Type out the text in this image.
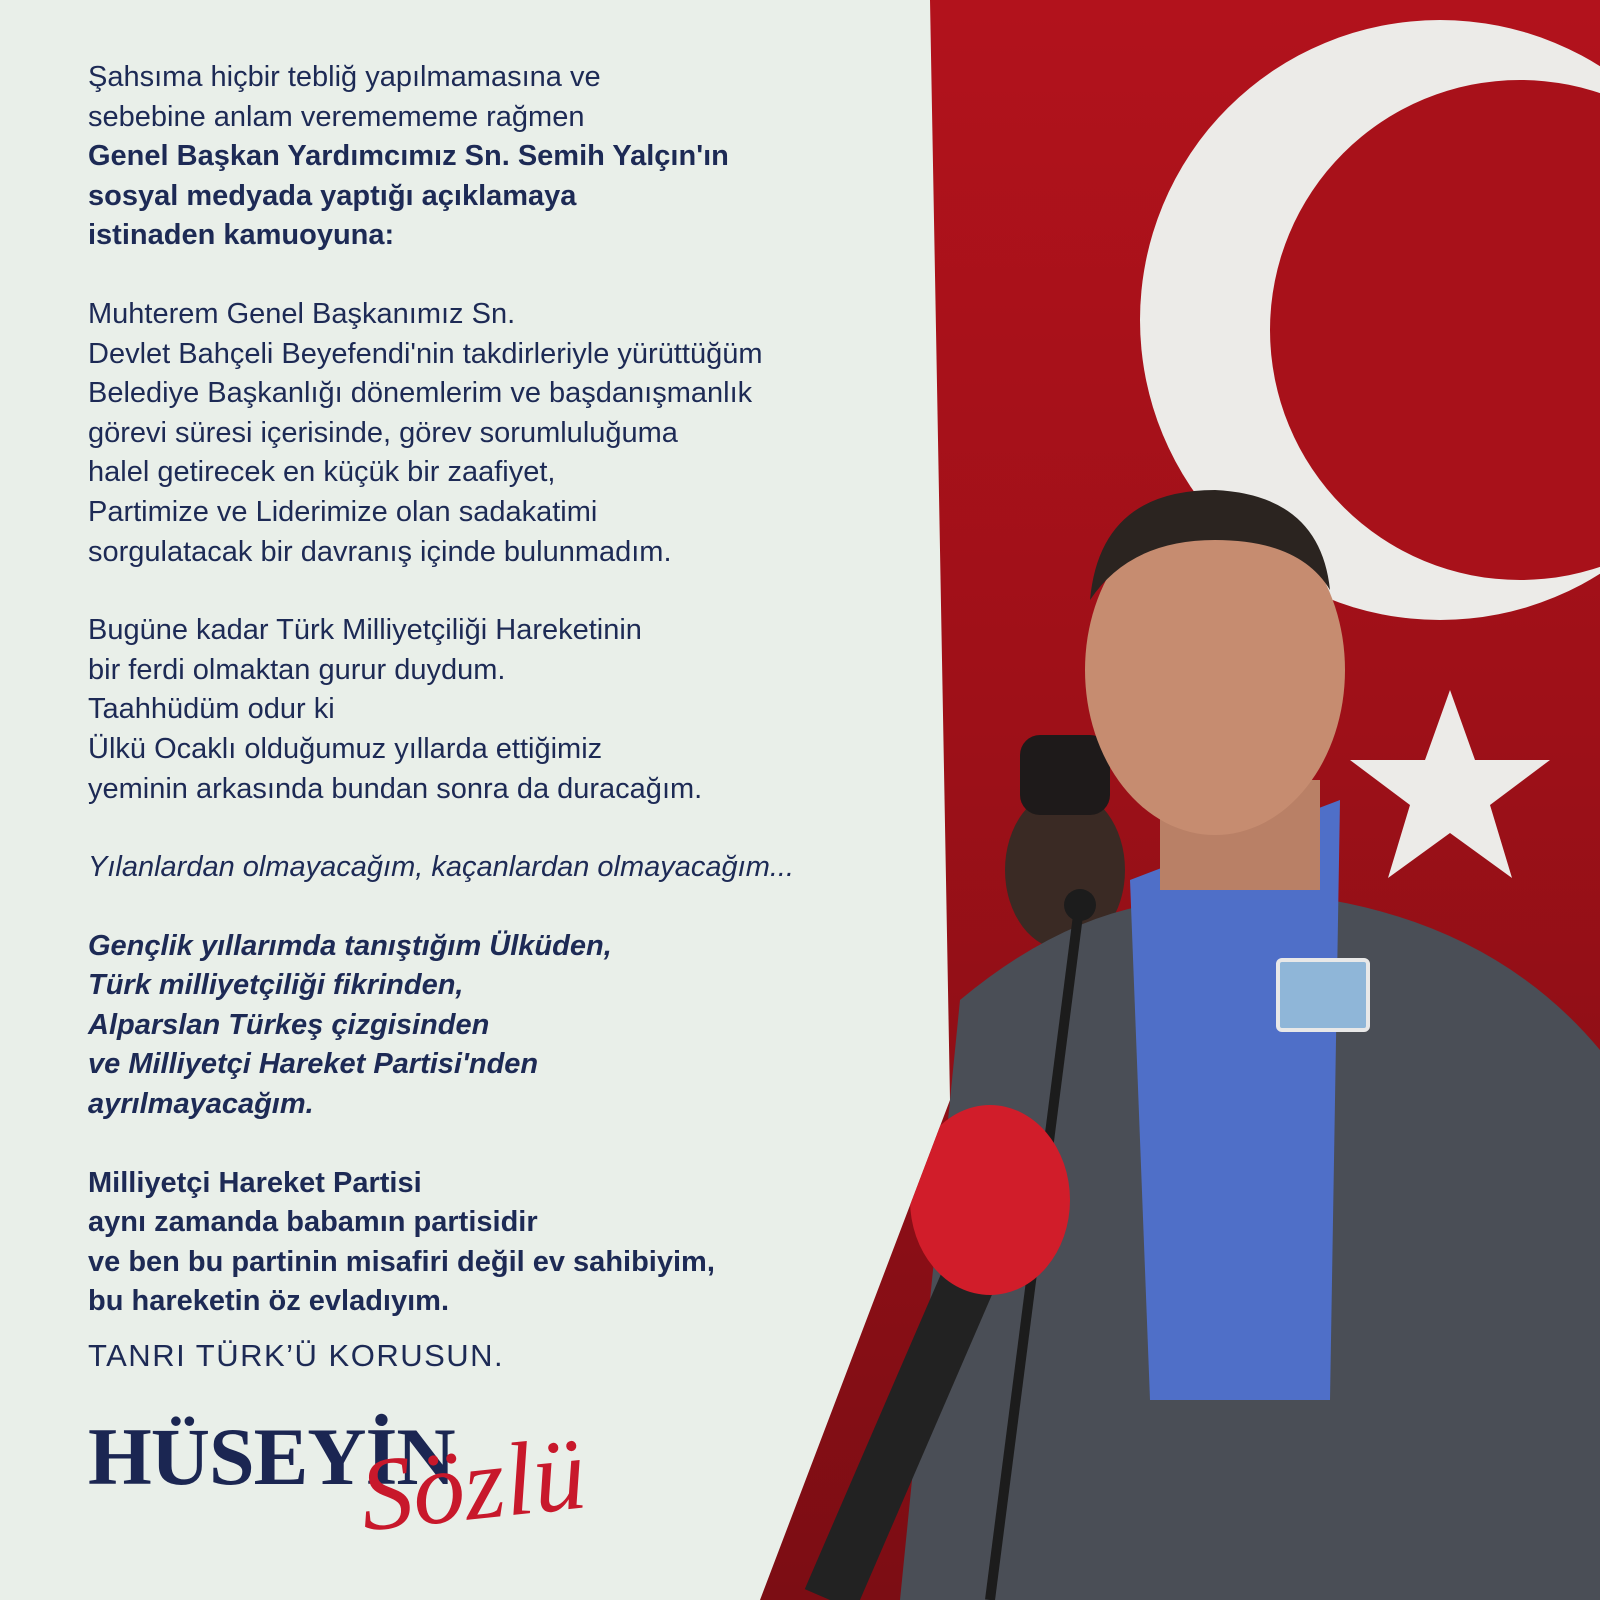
Şahsıma hiçbir tebliğ yapılmamasına ve
sebebine anlam veremememe rağmen

Genel Başkan Yardımcımız Sn. Semih Yalçın'ın
sosyal medyada yaptığı açıklamaya
istinaden kamuoyuna:

Muhterem Genel Başkanımız Sn.
Devlet Bahçeli Beyefendi'nin takdirleriyle yürüttüğüm
Belediye Başkanlığı dönemlerim ve başdanışmanlık
görevi süresi içerisinde, görev sorumluluğuma
halel getirecek en küçük bir zaafiyet,
Partimize ve Liderimize olan sadakatimi
sorgulatacak bir davranış içinde bulunmadım.

Bugüne kadar Türk Milliyetçiliği Hareketinin
bir ferdi olmaktan gurur duydum.
Taahhüdüm odur ki
Ülkü Ocaklı olduğumuz yıllarda ettiğimiz
yeminin arkasında bundan sonra da duracağım.

Yılanlardan olmayacağım, kaçanlardan olmayacağım...

Gençlik yıllarımda tanıştığım Ülküden,
Türk milliyetçiliği fikrinden,
Alparslan Türkeş çizgisinden
ve Milliyetçi Hareket Partisi'nden
ayrılmayacağım.

Milliyetçi Hareket Partisi
aynı zamanda babamın partisidir
ve ben bu partinin misafiri değil ev sahibiyim,
bu hareketin öz evladıyım.

TANRI TÜRK’Ü KORUSUN.

HÜSEYİN
Sözlü
